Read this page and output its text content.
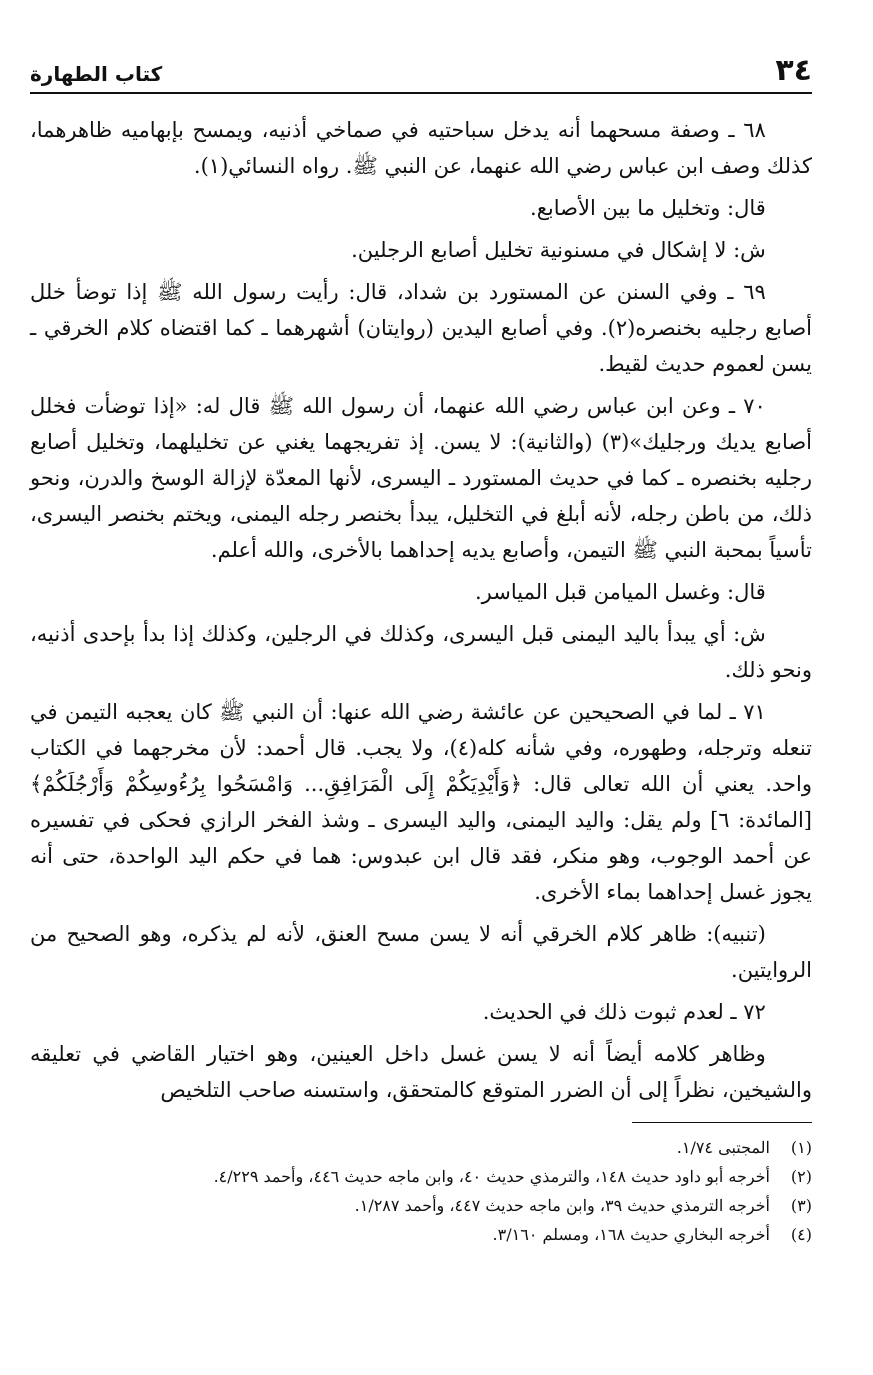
٣٤
كتاب الطهارة

٦٨ ـ وصفة مسحهما أنه يدخل سباحتيه في صماخي أذنيه، ويمسح بإبهاميه ظاهرهما، كذلك وصف ابن عباس رضي الله عنهما، عن النبي ﷺ. رواه النسائي(١).

قال: وتخليل ما بين الأصابع.

ش: لا إشكال في مسنونية تخليل أصابع الرجلين.

٦٩ ـ وفي السنن عن المستورد بن شداد، قال: رأيت رسول الله ﷺ إذا توضأ خلل أصابع رجليه بخنصره(٢). وفي أصابع اليدين (روايتان) أشهرهما ـ كما اقتضاه كلام الخرقي ـ يسن لعموم حديث لقيط.

٧٠ ـ وعن ابن عباس رضي الله عنهما، أن رسول الله ﷺ قال له: «إذا توضأت فخلل أصابع يديك ورجليك»(٣) (والثانية): لا يسن. إذ تفريجهما يغني عن تخليلهما، وتخليل أصابع رجليه بخنصره ـ كما في حديث المستورد ـ اليسرى، لأنها المعدّة لإزالة الوسخ والدرن، ونحو ذلك، من باطن رجله، لأنه أبلغ في التخليل، يبدأ بخنصر رجله اليمنى، ويختم بخنصر اليسرى، تأسياً بمحبة النبي ﷺ التيمن، وأصابع يديه إحداهما بالأخرى، والله أعلم.

قال: وغسل الميامن قبل المياسر.

ش: أي يبدأ باليد اليمنى قبل اليسرى، وكذلك في الرجلين، وكذلك إذا بدأ بإحدى أذنيه، ونحو ذلك.

٧١ ـ لما في الصحيحين عن عائشة رضي الله عنها: أن النبي ﷺ كان يعجبه التيمن في تنعله وترجله، وطهوره، وفي شأنه كله(٤)، ولا يجب. قال أحمد: لأن مخرجهما في الكتاب واحد. يعني أن الله تعالى قال: ﴿وَأَيْدِيَكُمْ إِلَى الْمَرَافِقِ... وَامْسَحُوا بِرُءُوسِكُمْ وَأَرْجُلَكُمْ﴾ [المائدة: ٦] ولم يقل: واليد اليمنى، واليد اليسرى ـ وشذ الفخر الرازي فحكى في تفسيره عن أحمد الوجوب، وهو منكر، فقد قال ابن عبدوس: هما في حكم اليد الواحدة، حتى أنه يجوز غسل إحداهما بماء الأخرى.

(تنبيه): ظاهر كلام الخرقي أنه لا يسن مسح العنق، لأنه لم يذكره، وهو الصحيح من الروايتين.

٧٢ ـ لعدم ثبوت ذلك في الحديث.

وظاهر كلامه أيضاً أنه لا يسن غسل داخل العينين، وهو اختيار القاضي في تعليقه والشيخين، نظراً إلى أن الضرر المتوقع كالمتحقق، واستسنه صاحب التلخيص

(١)
المجتبى ١/٧٤.
(٢)
أخرجه أبو داود حديث ١٤٨، والترمذي حديث ٤٠، وابن ماجه حديث ٤٤٦، وأحمد ٤/٢٢٩.
(٣)
أخرجه الترمذي حديث ٣٩، وابن ماجه حديث ٤٤٧، وأحمد ١/٢٨٧.
(٤)
أخرجه البخاري حديث ١٦٨، ومسلم ٣/١٦٠.
